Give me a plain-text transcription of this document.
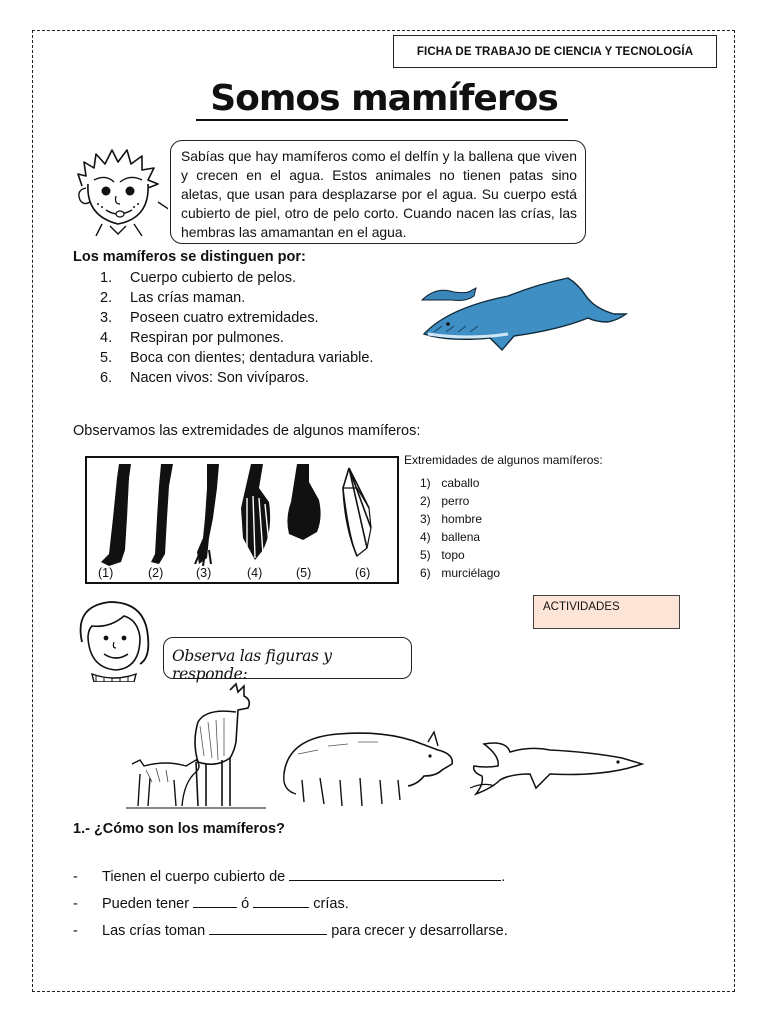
FICHA DE TRABAJO DE CIENCIA Y TECNOLOGÍA
Somos mamíferos
Sabías que hay mamíferos como el delfín y la ballena que viven y crecen en el agua. Estos animales no tienen patas sino aletas, que usan para desplazarse por el agua. Su cuerpo está cubierto de piel, otro de pelo corto. Cuando nacen las crías, las hembras las amamantan en el agua.
Los mamíferos se distinguen por:
1. Cuerpo cubierto de pelos.
2. Las crías maman.
3. Poseen cuatro extremidades.
4. Respiran por pulmones.
5. Boca con dientes; dentadura variable.
6. Nacen vivos: Son vivíparos.
Observamos las extremidades de algunos mamíferos:
(1)	(2)	(3)	(4)	(5)	(6)
Extremidades de algunos mamíferos:
1) caballo
2) perro
3) hombre
4) ballena
5) topo
6) murciélago
ACTIVIDADES
Observa las figuras y responde:
1.- ¿Cómo son los mamíferos?
- Tienen el cuerpo cubierto de	.
- Pueden tener	ó	crías.
- Las crías toman	para crecer y desarrollarse.
